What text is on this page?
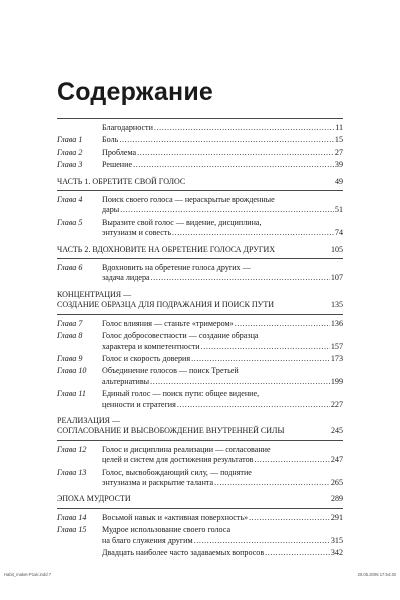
Содержание
Благодарности .....	11
Глава 1	Боль .....	15
Глава 2	Проблема .....	27
Глава 3	Решение .....	39
ЧАСТЬ 1. ОБРЕТИТЕ СВОЙ ГОЛОС	49
Глава 4	Поиск своего голоса — нераскрытые врожденные
дары .....	51
Глава 5	Выразите свой голос — видение, дисциплина,
энтузиазм и совесть .....	74
ЧАСТЬ 2. ВДОХНОВИТЕ НА ОБРЕТЕНИЕ ГОЛОСА ДРУГИХ	105
Глава 6	Вдохновить на обретение голоса других —
задача лидера .....	107
КОНЦЕНТРАЦИЯ —
СОЗДАНИЕ ОБРАЗЦА ДЛЯ ПОДРАЖАНИЯ И ПОИСК ПУТИ	135
Глава 7	Голос влияния — станьте «тримером» .....	136
Глава 8	Голос добросовестности — создание образца
характера и компетентности .....	157
Глава 9	Голос и скорость доверия .....	173
Глава 10	Объединение голосов — поиск Третьей
альтернативы .....	199
Глава 11	Единый голос — поиск пути: общее видение,
ценности и стратегия .....	227
РЕАЛИЗАЦИЯ —
СОГЛАСОВАНИЕ И ВЫСВОБОЖДЕНИЕ ВНУТРЕННЕЙ СИЛЫ	245
Глава 12	Голос и дисциплина реализации — согласование
целей и систем для достижения результатов .....	247
Глава 13	Голос, высвобождающий силу, — поднятие
энтузиазма и раскрытие таланта .....	265
ЭПОХА МУДРОСТИ	289
Глава 14	Восьмой навык и «активная поверхность» .....	291
Глава 15	Мудрое использование своего голоса
на благо служения другим .....	315
Двадцать наиболее часто задаваемых вопросов .....	342
Habit_maket-P1uk.indd 7	20.05.2006 17:54:40
